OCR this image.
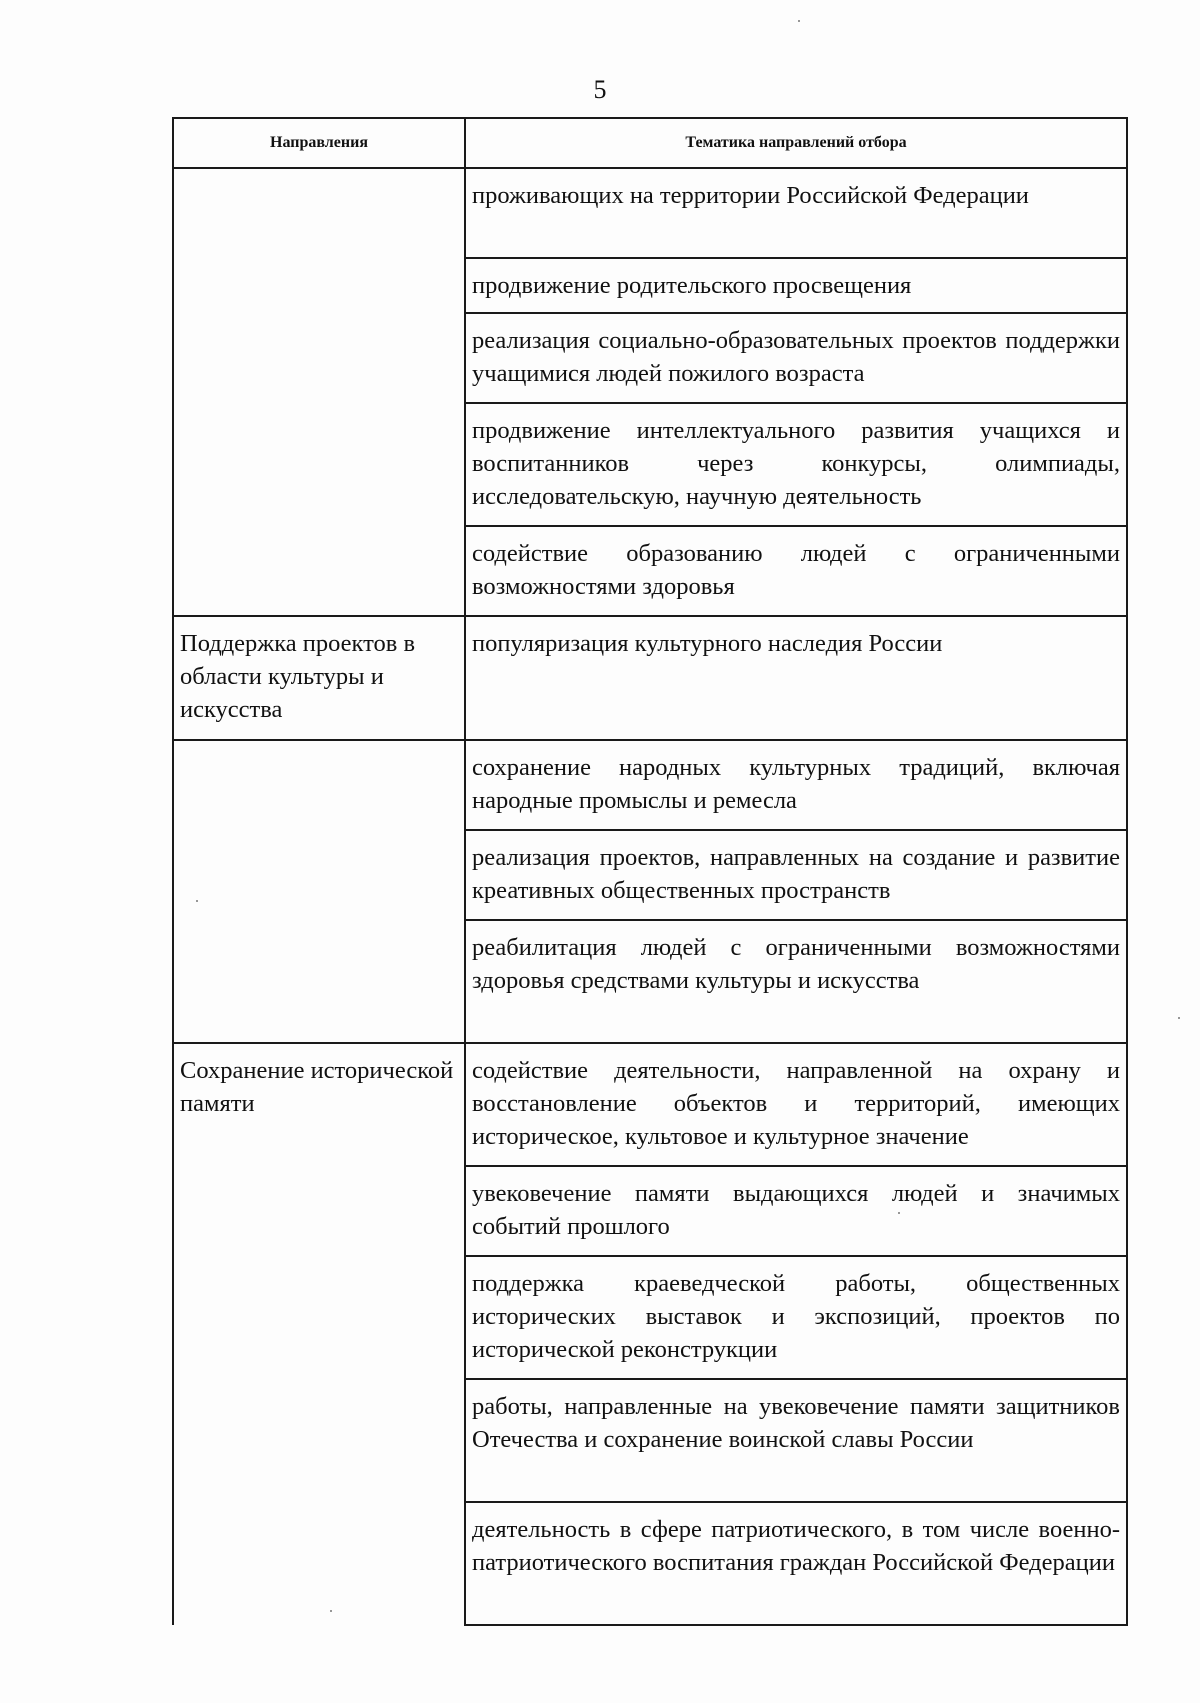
5
Направления	Тематика направлений отбора
	проживающих на территории Российской Федерации
	продвижение родительского просвещения
	реализация социально-образовательных проектов поддержки учащимися людей пожилого возраста
	продвижение интеллектуального развития учащихся и воспитанников через конкурсы, олимпиады, исследовательскую, научную деятельность
	содействие образованию людей с ограниченными возможностями здоровья
Поддержка проектов в области культуры и искусства	популяризация культурного наследия России
	сохранение народных культурных традиций, включая народные промыслы и ремесла
	реализация проектов, направленных на создание и развитие креативных общественных пространств
	реабилитация людей с ограниченными возможностями здоровья средствами культуры и искусства
Сохранение исторической памяти	содействие деятельности, направленной на охрану и восстановление объектов и территорий, имеющих историческое, культовое и культурное значение
	увековечение памяти выдающихся людей и значимых событий прошлого
	поддержка краеведческой работы, общественных исторических выставок и экспозиций, проектов по исторической реконструкции
	работы, направленные на увековечение памяти защитников Отечества и сохранение воинской славы России
	деятельность в сфере патриотического, в том числе военно-патриотического воспитания граждан Российской Федерации
